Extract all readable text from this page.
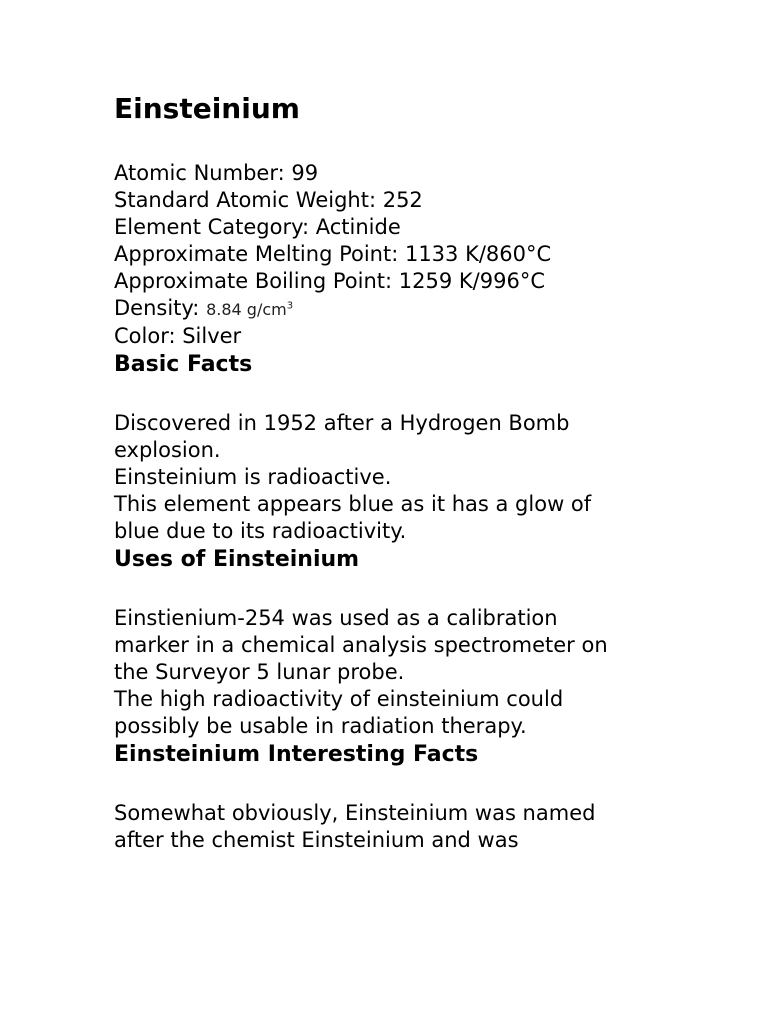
Einsteinium
Atomic Number: 99
Standard Atomic Weight: 252
Element Category: Actinide
Approximate Melting Point: 1133 K/860°C
Approximate Boiling Point: 1259 K/996°C
Density: 8.84 $g/cm^3$
Color: Silver
Basic Facts
Discovered in 1952 after a Hydrogen Bomb
explosion.
Einsteinium is radioactive.
This element appears blue as it has a glow of
blue due to its radioactivity.
Uses of Einsteinium
Einstienium-254 was used as a calibration
marker in a chemical analysis spectrometer on
the Surveyor 5 lunar probe.
The high radioactivity of einsteinium could
possibly be usable in radiation therapy.
Einsteinium Interesting Facts
Somewhat obviously, Einsteinium was named
after the chemist Einsteinium and was
